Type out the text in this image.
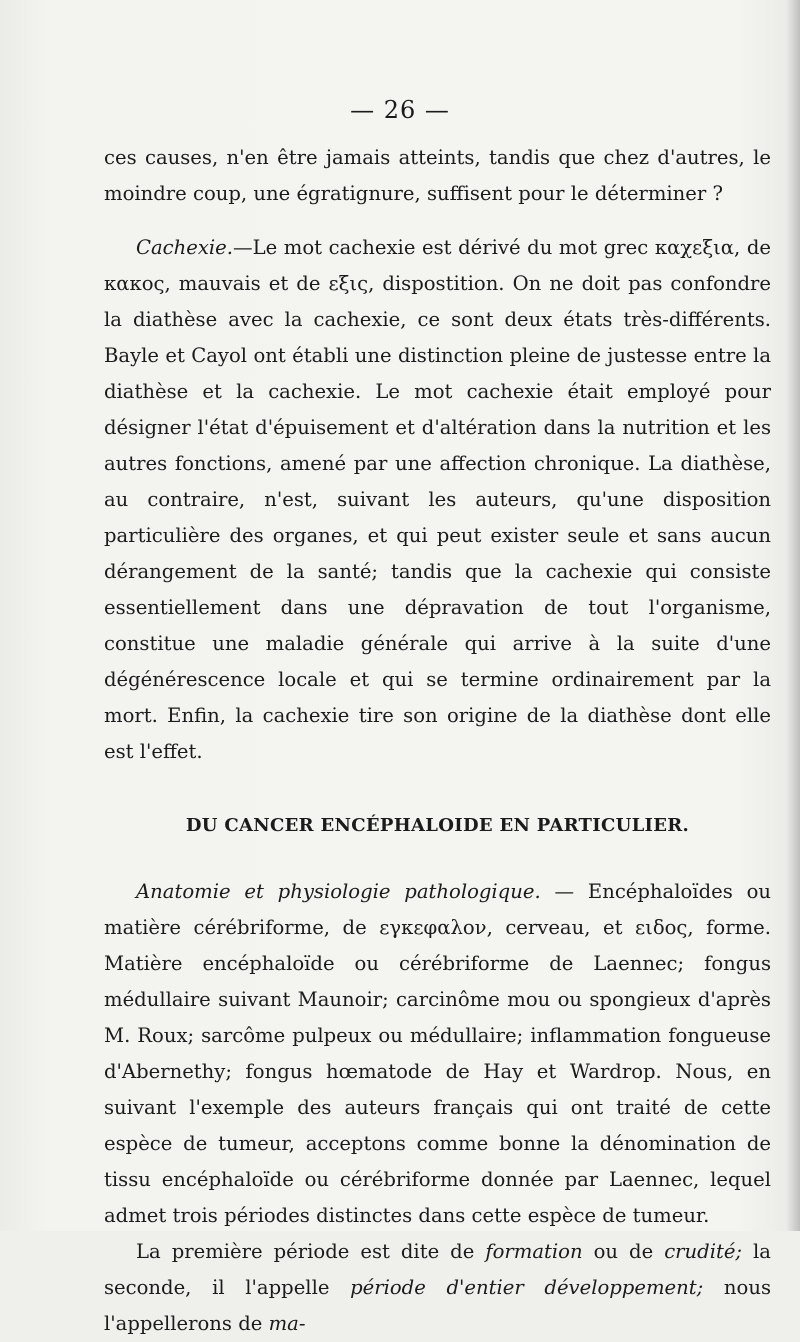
— 26 —

ces causes, n'en être jamais atteints, tandis que chez d'autres, le moindre coup, une égratignure, suffisent pour le déterminer ?

Cachexie.—Le mot cachexie est dérivé du mot grec καχεξια, de κακος, mauvais et de εξις, dispostition. On ne doit pas confondre la diathèse avec la cachexie, ce sont deux états très-différents. Bayle et Cayol ont établi une distinction pleine de justesse entre la diathèse et la cachexie. Le mot cachexie était employé pour désigner l'état d'épuisement et d'altération dans la nutrition et les autres fonctions, amené par une affection chronique. La diathèse, au contraire, n'est, suivant les auteurs, qu'une disposition particulière des organes, et qui peut exister seule et sans aucun dérangement de la santé; tandis que la cachexie qui consiste essentiellement dans une dépravation de tout l'organisme, constitue une maladie générale qui arrive à la suite d'une dégénérescence locale et qui se termine ordinairement par la mort. Enfin, la cachexie tire son origine de la diathèse dont elle est l'effet.

DU CANCER ENCÉPHALOIDE EN PARTICULIER.

Anatomie et physiologie pathologique. — Encéphaloïdes ou matière cérébriforme, de εγκεφαλον, cerveau, et ειδος, forme. Matière encéphaloïde ou cérébriforme de Laennec; fongus médullaire suivant Maunoir; carcinôme mou ou spongieux d'après M. Roux; sarcôme pulpeux ou médullaire; inflammation fongueuse d'Abernethy; fongus hœmatode de Hay et Wardrop. Nous, en suivant l'exemple des auteurs français qui ont traité de cette espèce de tumeur, acceptons comme bonne la dénomination de tissu encéphaloïde ou cérébriforme donnée par Laennec, lequel admet trois périodes distinctes dans cette espèce de tumeur.

La première période est dite de formation ou de crudité; la seconde, il l'appelle période d'entier développement; nous l'appellerons de ma-
